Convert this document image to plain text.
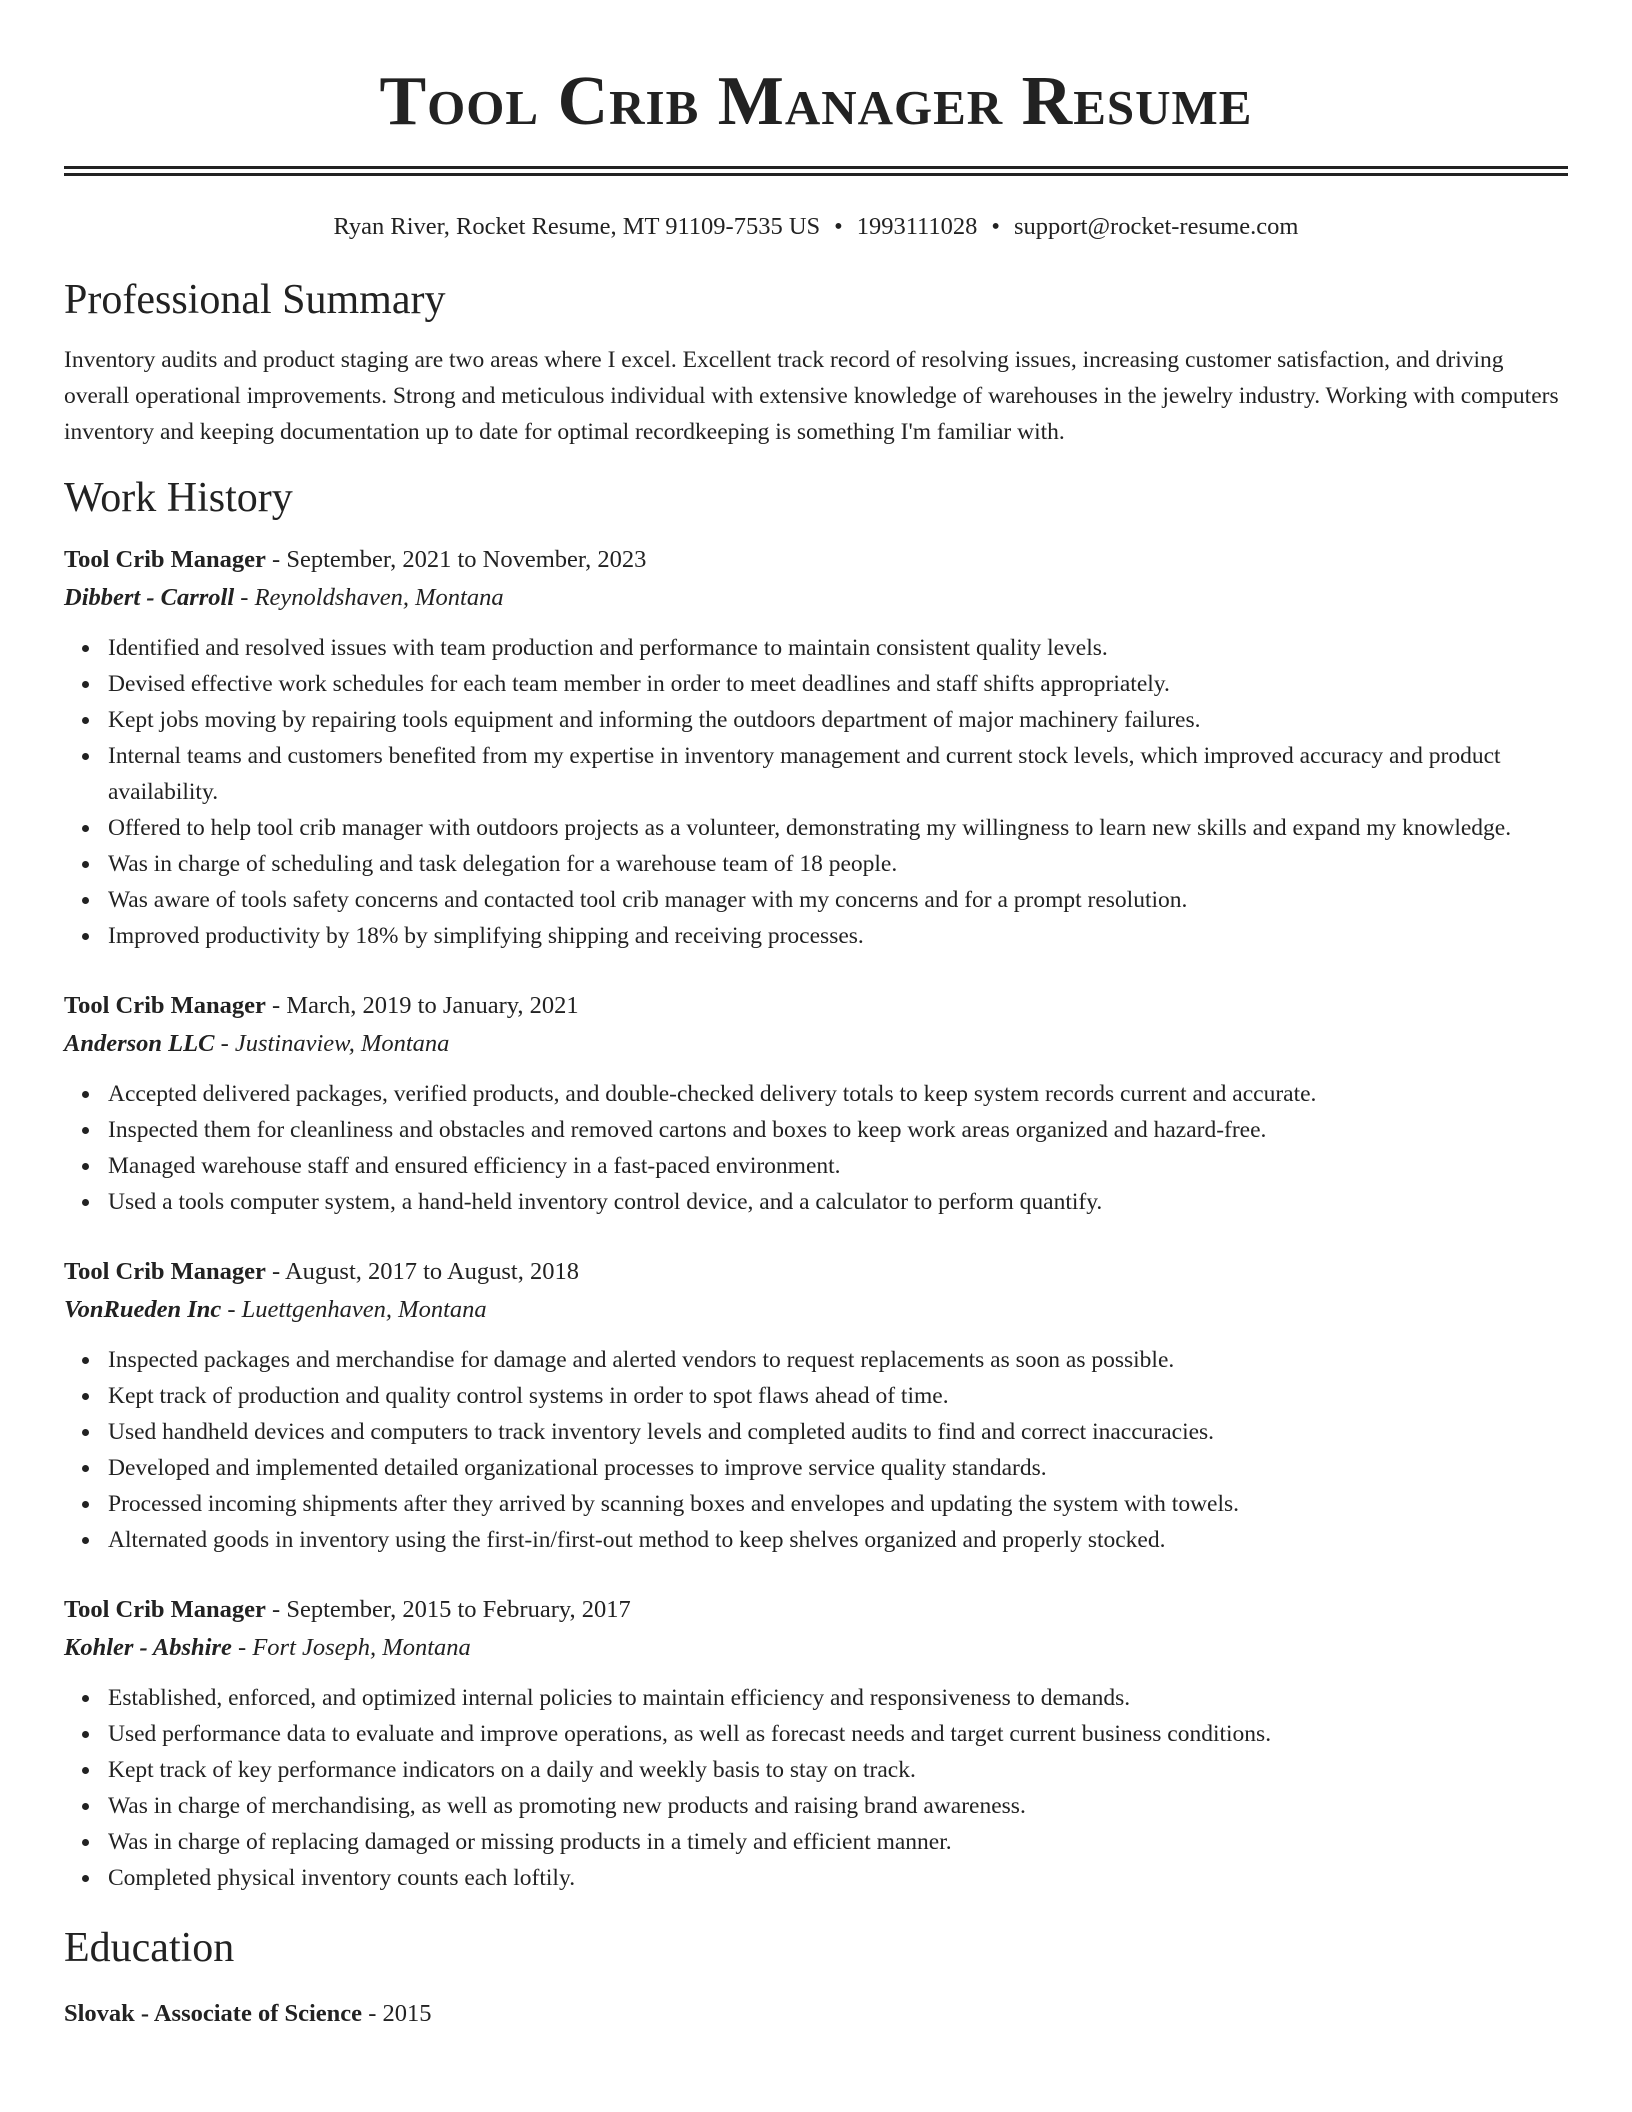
Tool Crib Manager Resume
Ryan River, Rocket Resume, MT 91109-7535 US • 1993111028 • support@rocket-resume.com
Professional Summary

Inventory audits and product staging are two areas where I excel. Excellent track record of resolving issues, increasing customer satisfaction, and driving overall operational improvements. Strong and meticulous individual with extensive knowledge of warehouses in the jewelry industry. Working with computers inventory and keeping documentation up to date for optimal recordkeeping is something I'm familiar with.

Work History
Tool Crib Manager - September, 2021 to November, 2023
Dibbert - Carroll - Reynoldshaven, Montana
Identified and resolved issues with team production and performance to maintain consistent quality levels.
Devised effective work schedules for each team member in order to meet deadlines and staff shifts appropriately.
Kept jobs moving by repairing tools equipment and informing the outdoors department of major machinery failures.
Internal teams and customers benefited from my expertise in inventory management and current stock levels, which improved accuracy and product availability.
Offered to help tool crib manager with outdoors projects as a volunteer, demonstrating my willingness to learn new skills and expand my knowledge.
Was in charge of scheduling and task delegation for a warehouse team of 18 people.
Was aware of tools safety concerns and contacted tool crib manager with my concerns and for a prompt resolution.
Improved productivity by 18% by simplifying shipping and receiving processes.
Tool Crib Manager - March, 2019 to January, 2021
Anderson LLC - Justinaview, Montana
Accepted delivered packages, verified products, and double-checked delivery totals to keep system records current and accurate.
Inspected them for cleanliness and obstacles and removed cartons and boxes to keep work areas organized and hazard-free.
Managed warehouse staff and ensured efficiency in a fast-paced environment.
Used a tools computer system, a hand-held inventory control device, and a calculator to perform quantify.
Tool Crib Manager - August, 2017 to August, 2018
VonRueden Inc - Luettgenhaven, Montana
Inspected packages and merchandise for damage and alerted vendors to request replacements as soon as possible.
Kept track of production and quality control systems in order to spot flaws ahead of time.
Used handheld devices and computers to track inventory levels and completed audits to find and correct inaccuracies.
Developed and implemented detailed organizational processes to improve service quality standards.
Processed incoming shipments after they arrived by scanning boxes and envelopes and updating the system with towels.
Alternated goods in inventory using the first-in/first-out method to keep shelves organized and properly stocked.
Tool Crib Manager - September, 2015 to February, 2017
Kohler - Abshire - Fort Joseph, Montana
Established, enforced, and optimized internal policies to maintain efficiency and responsiveness to demands.
Used performance data to evaluate and improve operations, as well as forecast needs and target current business conditions.
Kept track of key performance indicators on a daily and weekly basis to stay on track.
Was in charge of merchandising, as well as promoting new products and raising brand awareness.
Was in charge of replacing damaged or missing products in a timely and efficient manner.
Completed physical inventory counts each loftily.
Education
Slovak - Associate of Science - 2015
